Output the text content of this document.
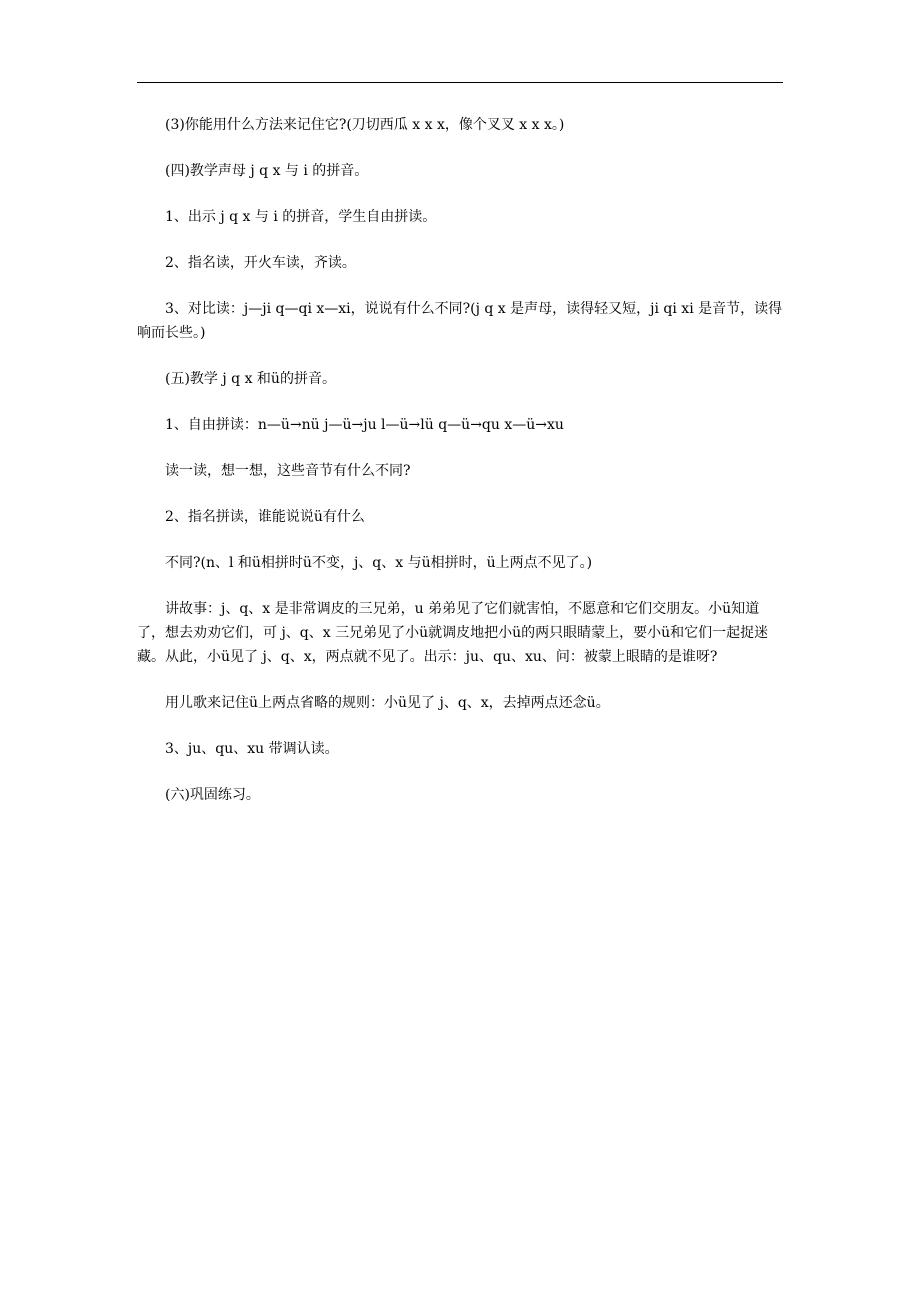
(3)你能用什么方法来记住它?(刀切西瓜 x x x，像个叉叉 x x x。)

(四)教学声母 j q x 与 i 的拼音。

1、出示 j q x 与 i 的拼音，学生自由拼读。

2、指名读，开火车读，齐读。

3、对比读：j—ji q—qi x—xi，说说有什么不同?(j q x 是声母，读得轻又短，ji qi xi 是音节，读得响而长些。)

(五)教学 j q x 和ü的拼音。

1、自由拼读：n—ü→nü j—ü→ju l—ü→lü q—ü→qu x—ü→xu

读一读，想一想，这些音节有什么不同?

2、指名拼读，谁能说说ü有什么

不同?(n、l 和ü相拼时ü不变，j、q、x 与ü相拼时，ü上两点不见了。)

讲故事：j、q、x 是非常调皮的三兄弟，u 弟弟见了它们就害怕，不愿意和它们交朋友。小ü知道了，想去劝劝它们，可 j、q、x 三兄弟见了小ü就调皮地把小ü的两只眼睛蒙上，要小ü和它们一起捉迷藏。从此，小ü见了 j、q、x，两点就不见了。出示：ju、qu、xu、问：被蒙上眼睛的是谁呀?

用儿歌来记住ü上两点省略的规则：小ü见了 j、q、x，去掉两点还念ü。

3、ju、qu、xu 带调认读。

(六)巩固练习。
